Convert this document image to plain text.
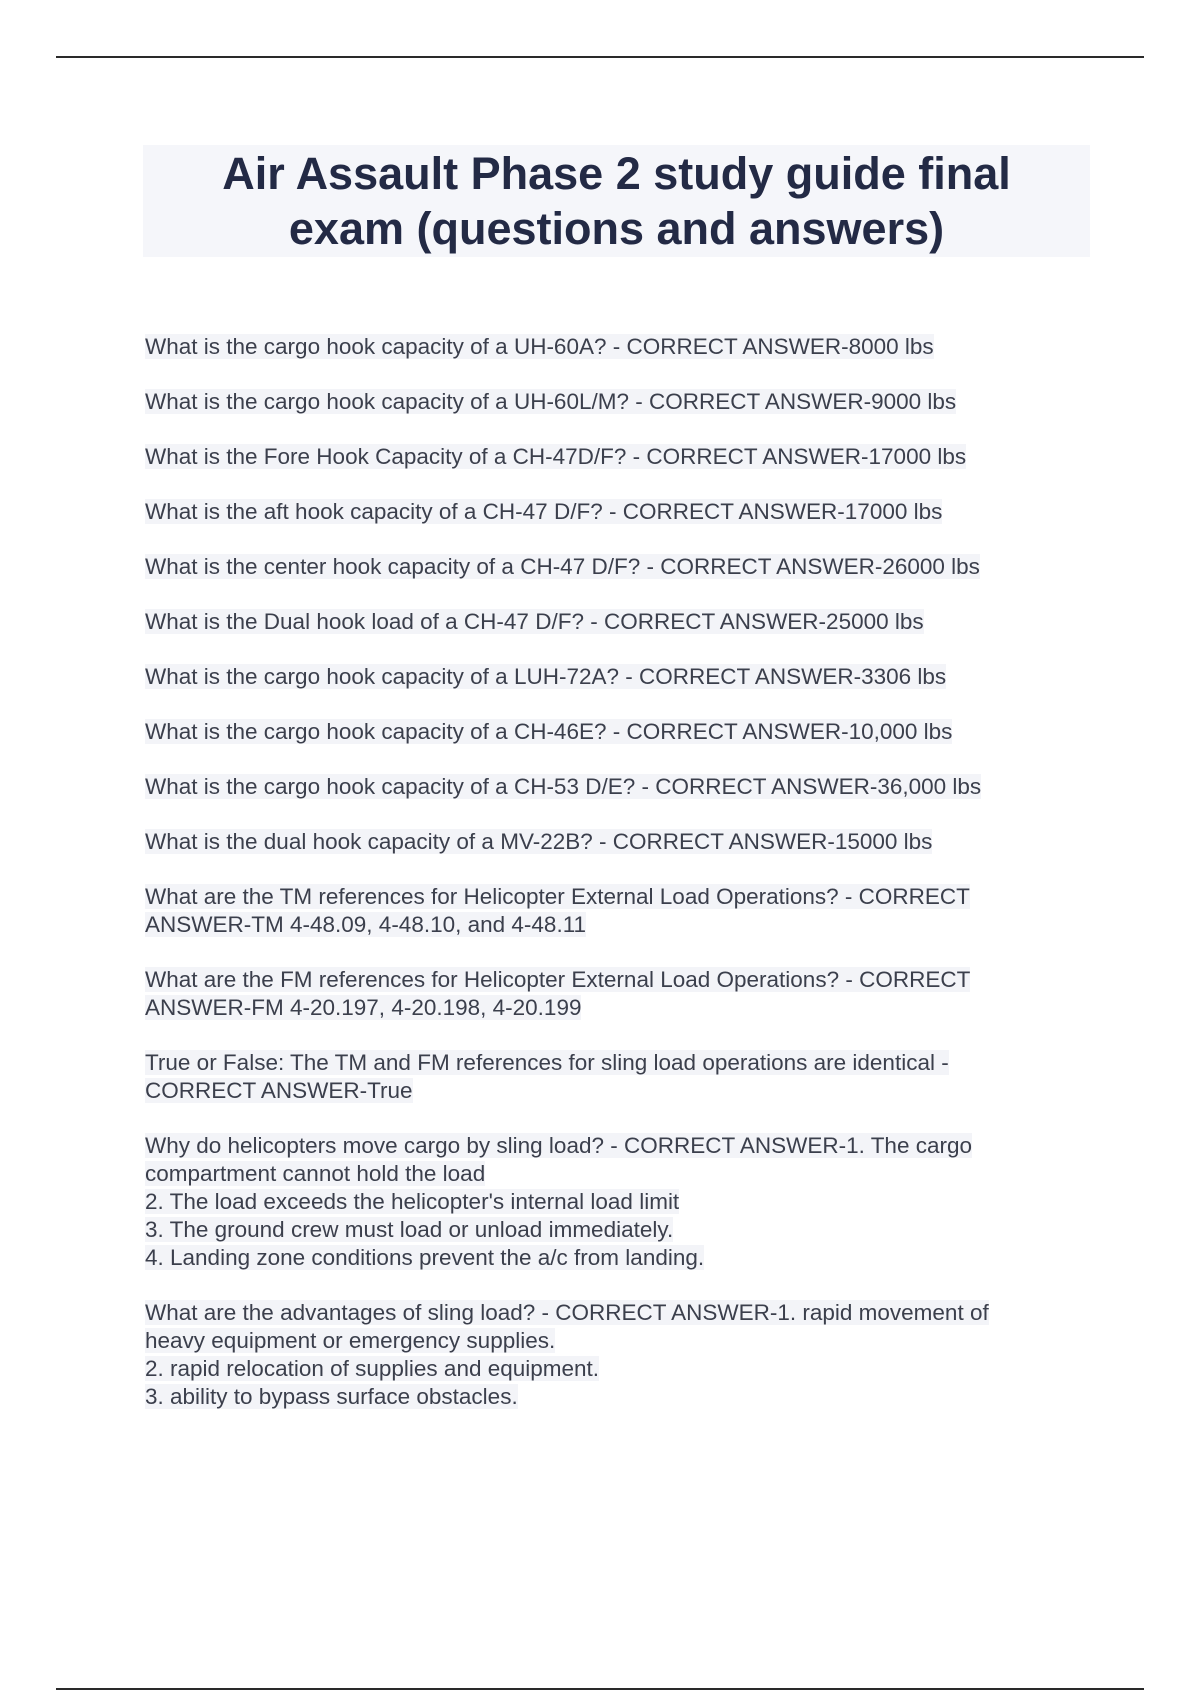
Air Assault Phase 2 study guide final
exam (questions and answers)
What is the cargo hook capacity of a UH-60A? - CORRECT ANSWER-8000 lbs
What is the cargo hook capacity of a UH-60L/M? - CORRECT ANSWER-9000 lbs
What is the Fore Hook Capacity of a CH-47D/F? - CORRECT ANSWER-17000 lbs
What is the aft hook capacity of a CH-47 D/F? - CORRECT ANSWER-17000 lbs
What is the center hook capacity of a CH-47 D/F? - CORRECT ANSWER-26000 lbs
What is the Dual hook load of a CH-47 D/F? - CORRECT ANSWER-25000 lbs
What is the cargo hook capacity of a LUH-72A? - CORRECT ANSWER-3306 lbs
What is the cargo hook capacity of a CH-46E? - CORRECT ANSWER-10,000 lbs
What is the cargo hook capacity of a CH-53 D/E? - CORRECT ANSWER-36,000 lbs
What is the dual hook capacity of a MV-22B? - CORRECT ANSWER-15000 lbs
What are the TM references for Helicopter External Load Operations? - CORRECT
ANSWER-TM 4-48.09, 4-48.10, and 4-48.11
What are the FM references for Helicopter External Load Operations? - CORRECT
ANSWER-FM 4-20.197, 4-20.198, 4-20.199
True or False: The TM and FM references for sling load operations are identical -
CORRECT ANSWER-True
Why do helicopters move cargo by sling load? - CORRECT ANSWER-1. The cargo
compartment cannot hold the load
2. The load exceeds the helicopter's internal load limit
3. The ground crew must load or unload immediately.
4. Landing zone conditions prevent the a/c from landing.
What are the advantages of sling load? - CORRECT ANSWER-1. rapid movement of
heavy equipment or emergency supplies.
2. rapid relocation of supplies and equipment.
3. ability to bypass surface obstacles.
